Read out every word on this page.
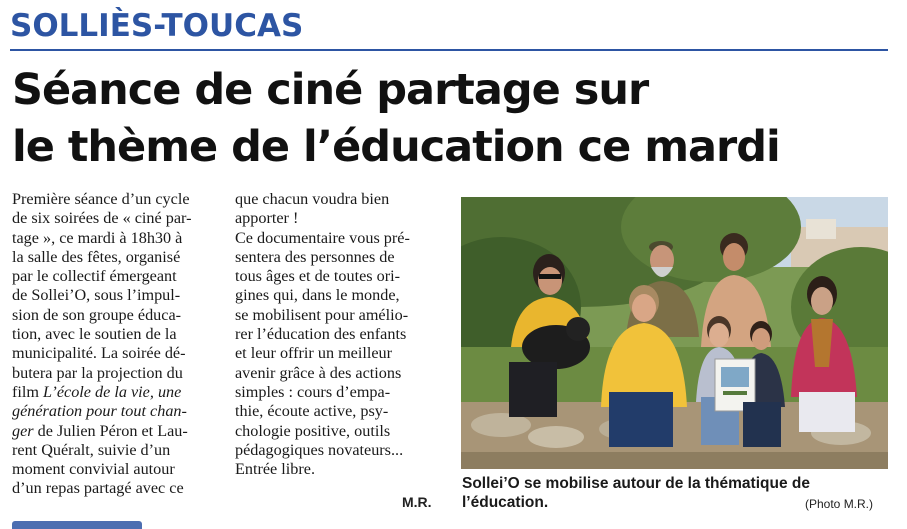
SOLLIÈS-TOUCAS
Séance de ciné partage sur
le thème de l’éducation ce mardi
Première séance d’un cycle
de six soirées de « ciné par-
tage », ce mardi à 18h30 à
la salle des fêtes, organisé
par le collectif émergeant
de Sollei’O, sous l’impul-
sion de son groupe éduca-
tion, avec le soutien de la
municipalité. La soirée dé-
butera par la projection du
film L’école de la vie, une
génération pour tout chan-
ger de Julien Péron et Lau-
rent Quéralt, suivie d’un
moment convivial autour
d’un repas partagé avec ce
que chacun voudra bien
apporter !
Ce documentaire vous pré-
sentera des personnes de
tous âges et de toutes ori-
gines qui, dans le monde,
se mobilisent pour amélio-
rer l’éducation des enfants
et leur offrir un meilleur
avenir grâce à des actions
simples : cours d’empa-
thie, écoute active, psy-
chologie positive, outils
pédagogiques novateurs...
Entrée libre.
M.R.
Sollei’O se mobilise autour de la thématique de
l’éducation.	(Photo M.R.)
